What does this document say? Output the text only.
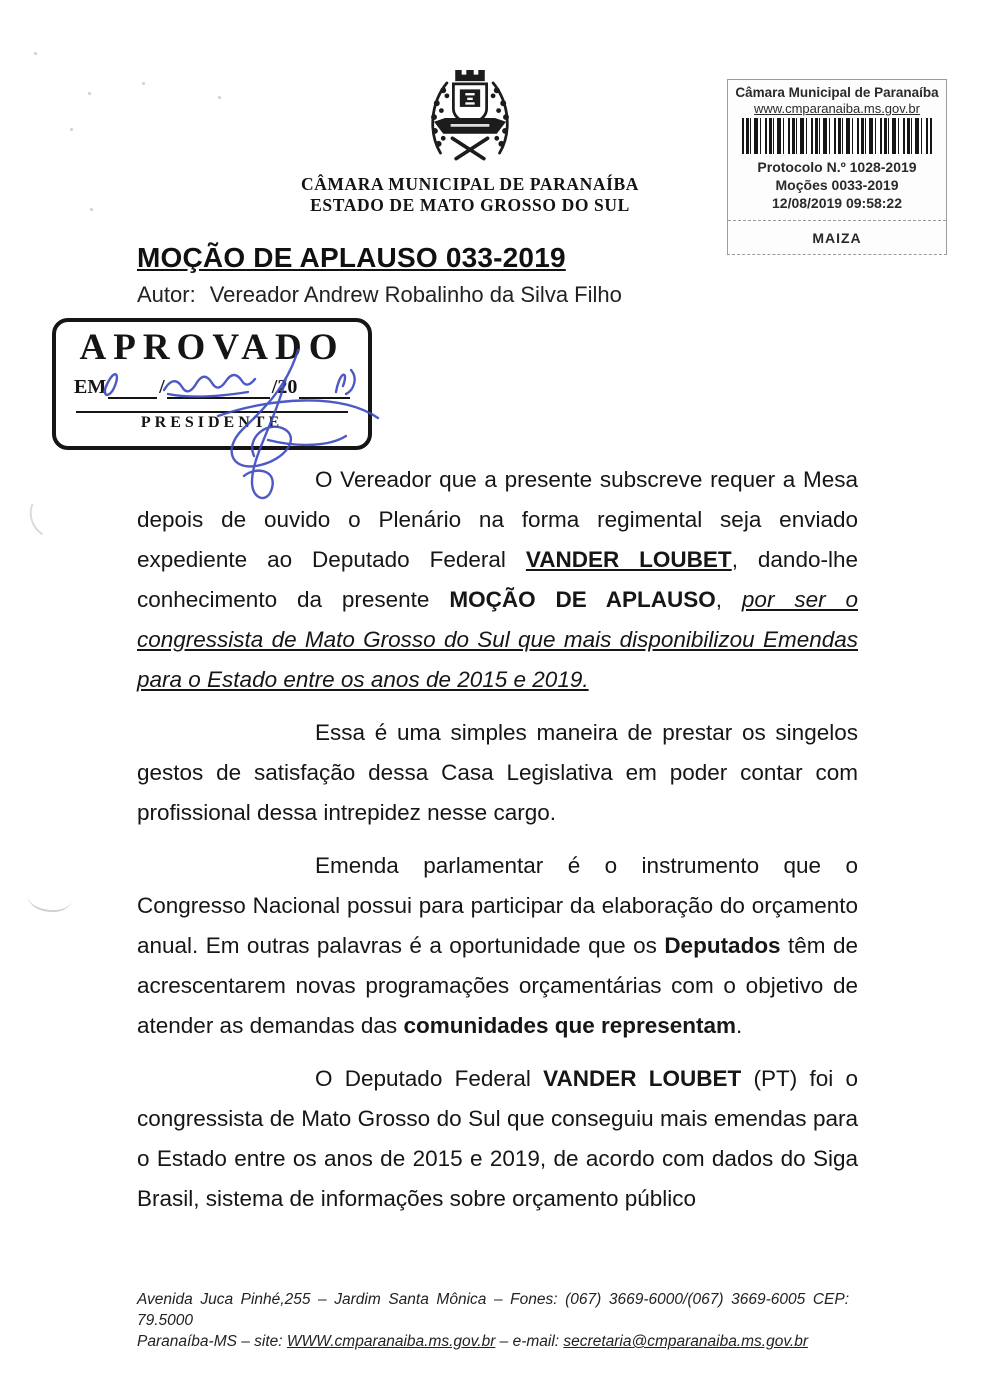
CÂMARA MUNICIPAL DE PARANAÍBA
ESTADO DE MATO GROSSO DO SUL
Câmara Municipal de Paranaíba
www.cmparanaiba.ms.gov.br
Protocolo N.º 1028-2019
Moções 0033-2019
12/08/2019 09:58:22
MAIZA
MOÇÃO DE APLAUSO 033-2019
Autor: Vereador Andrew Robalinho da Silva Filho
APROVADO
EM	/	/20
PRESIDENTE

O Vereador que a presente subscreve requer a Mesa depois de ouvido o Plenário na forma regimental seja enviado expediente ao Deputado Federal VANDER LOUBET, dando-lhe conhecimento da presente MOÇÃO DE APLAUSO, por ser o congressista de Mato Grosso do Sul que mais disponibilizou Emendas para o Estado entre os anos de 2015 e 2019.

Essa é uma simples maneira de prestar os singelos gestos de satisfação dessa Casa Legislativa em poder contar com profissional dessa intrepidez nesse cargo.

Emenda parlamentar é o instrumento que o Congresso Nacional possui para participar da elaboração do orçamento anual. Em outras palavras é a oportunidade que os Deputados têm de acrescentarem novas programações orçamentárias com o objetivo de atender as demandas das comunidades que representam.

O Deputado Federal VANDER LOUBET (PT) foi o congressista de Mato Grosso do Sul que conseguiu mais emendas para o Estado entre os anos de 2015 e 2019, de acordo com dados do Siga Brasil, sistema de informações sobre orçamento público

Avenida Juca Pinhé,255 – Jardim Santa Mônica – Fones: (067) 3669-6000/(067) 3669-6005 CEP: 79.5000
Paranaíba-MS – site: WWW.cmparanaiba.ms.gov.br – e-mail: secretaria@cmparanaiba.ms.gov.br
